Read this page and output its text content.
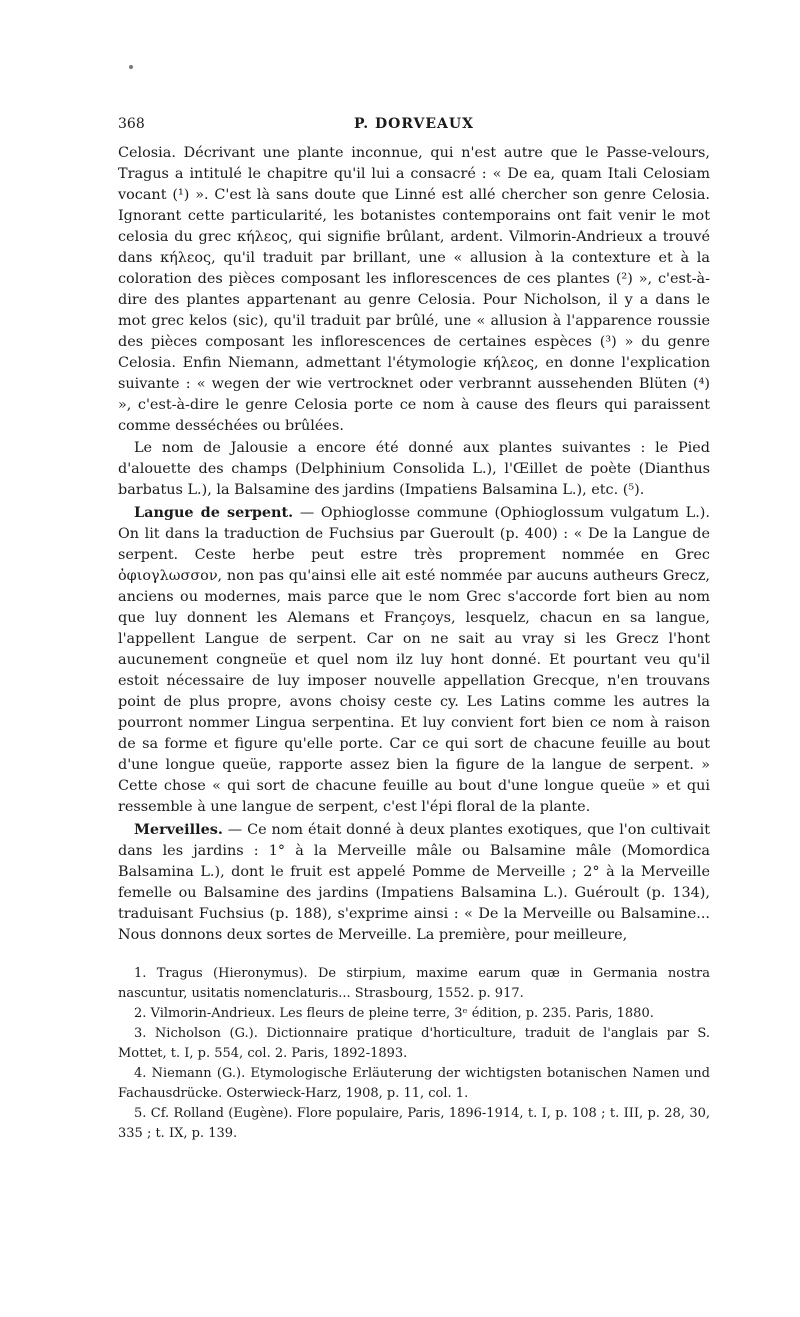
368	P. DORVEAUX

Celosia. Décrivant une plante inconnue, qui n'est autre que le Passe-velours, Tragus a intitulé le chapitre qu'il lui a consacré : « De ea, quam Itali Celosiam vocant (¹) ». C'est là sans doute que Linné est allé chercher son genre Celosia. Ignorant cette particularité, les botanistes contemporains ont fait venir le mot celosia du grec κήλεος, qui signifie brûlant, ardent. Vilmorin-Andrieux a trouvé dans κήλεος, qu'il traduit par brillant, une « allusion à la contexture et à la coloration des pièces composant les inflorescences de ces plantes (²) », c'est-à-dire des plantes appartenant au genre Celosia. Pour Nicholson, il y a dans le mot grec kelos (sic), qu'il traduit par brûlé, une « allusion à l'apparence roussie des pièces composant les inflorescences de certaines espèces (³) » du genre Celosia. Enfin Niemann, admettant l'étymologie κήλεος, en donne l'explication suivante : « wegen der wie vertrocknet oder verbrannt aussehenden Blüten (⁴) », c'est-à-dire le genre Celosia porte ce nom à cause des fleurs qui paraissent comme desséchées ou brûlées.

Le nom de Jalousie a encore été donné aux plantes suivantes : le Pied d'alouette des champs (Delphinium Consolida L.), l'Œillet de poète (Dianthus barbatus L.), la Balsamine des jardins (Impatiens Balsamina L.), etc. (⁵).

Langue de serpent. — Ophioglosse commune (Ophioglossum vulgatum L.). On lit dans la traduction de Fuchsius par Gueroult (p. 400) : « De la Langue de serpent. Ceste herbe peut estre très proprement nommée en Grec ὀφιογλωσσον, non pas qu'ainsi elle ait esté nommée par aucuns autheurs Grecz, anciens ou modernes, mais parce que le nom Grec s'accorde fort bien au nom que luy donnent les Alemans et Françoys, lesquelz, chacun en sa langue, l'appellent Langue de serpent. Car on ne sait au vray si les Grecz l'hont aucunement congneüe et quel nom ilz luy hont donné. Et pourtant veu qu'il estoit nécessaire de luy imposer nouvelle appellation Grecque, n'en trouvans point de plus propre, avons choisy ceste cy. Les Latins comme les autres la pourront nommer Lingua serpentina. Et luy convient fort bien ce nom à raison de sa forme et figure qu'elle porte. Car ce qui sort de chacune feuille au bout d'une longue queüe, rapporte assez bien la figure de la langue de serpent. » Cette chose « qui sort de chacune feuille au bout d'une longue queüe » et qui ressemble à une langue de serpent, c'est l'épi floral de la plante.

Merveilles. — Ce nom était donné à deux plantes exotiques, que l'on cultivait dans les jardins : 1° à la Merveille mâle ou Balsamine mâle (Momordica Balsamina L.), dont le fruit est appelé Pomme de Merveille ; 2° à la Merveille femelle ou Balsamine des jardins (Impatiens Balsamina L.). Guéroult (p. 134), traduisant Fuchsius (p. 188), s'exprime ainsi : « De la Merveille ou Balsamine... Nous donnons deux sortes de Merveille. La première, pour meilleure,

1. Tragus (Hieronymus). De stirpium, maxime earum quæ in Germania nostra nascuntur, usitatis nomenclaturis... Strasbourg, 1552. p. 917.

2. Vilmorin-Andrieux. Les fleurs de pleine terre, 3ᵉ édition, p. 235. Paris, 1880.

3. Nicholson (G.). Dictionnaire pratique d'horticulture, traduit de l'anglais par S. Mottet, t. I, p. 554, col. 2. Paris, 1892-1893.

4. Niemann (G.). Etymologische Erläuterung der wichtigsten botanischen Namen und Fachausdrücke. Osterwieck-Harz, 1908, p. 11, col. 1.

5. Cf. Rolland (Eugène). Flore populaire, Paris, 1896-1914, t. I, p. 108 ; t. III, p. 28, 30, 335 ; t. IX, p. 139.
